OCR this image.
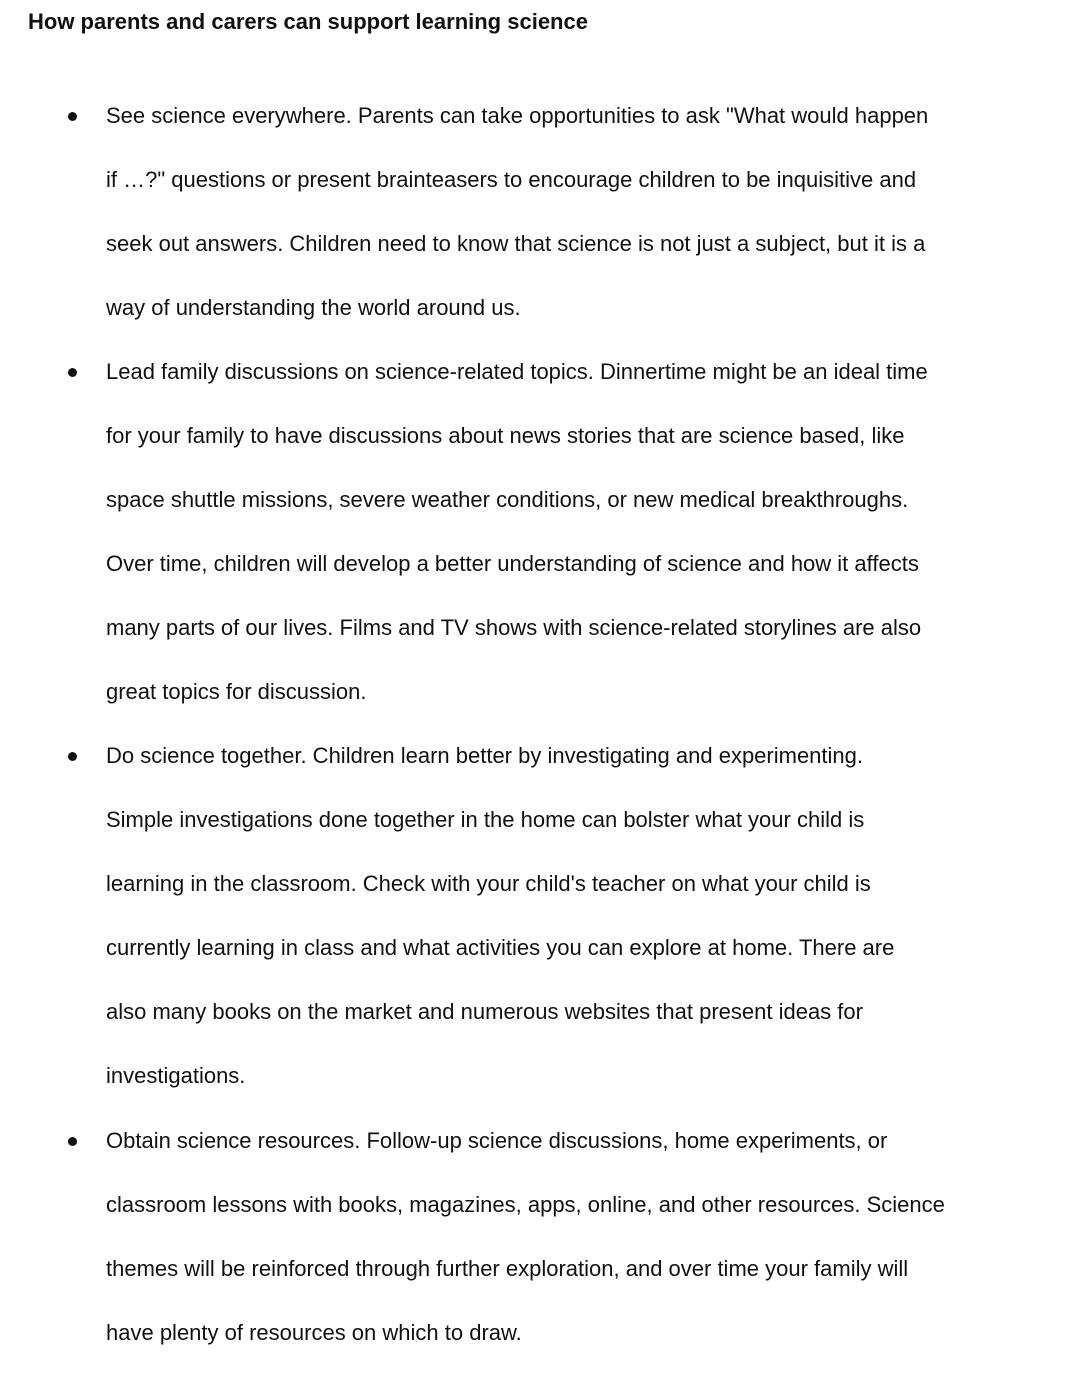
How parents and carers can support learning science
See science everywhere. Parents can take opportunities to ask "What would happen
if …?" questions or present brainteasers to encourage children to be inquisitive and
seek out answers. Children need to know that science is not just a subject, but it is a
way of understanding the world around us.
Lead family discussions on science-related topics. Dinnertime might be an ideal time
for your family to have discussions about news stories that are science based, like
space shuttle missions, severe weather conditions, or new medical breakthroughs.
Over time, children will develop a better understanding of science and how it affects
many parts of our lives. Films and TV shows with science-related storylines are also
great topics for discussion.
Do science together. Children learn better by investigating and experimenting.
Simple investigations done together in the home can bolster what your child is
learning in the classroom. Check with your child's teacher on what your child is
currently learning in class and what activities you can explore at home. There are
also many books on the market and numerous websites that present ideas for
investigations.
Obtain science resources. Follow-up science discussions, home experiments, or
classroom lessons with books, magazines, apps, online, and other resources. Science
themes will be reinforced through further exploration, and over time your family will
have plenty of resources on which to draw.
